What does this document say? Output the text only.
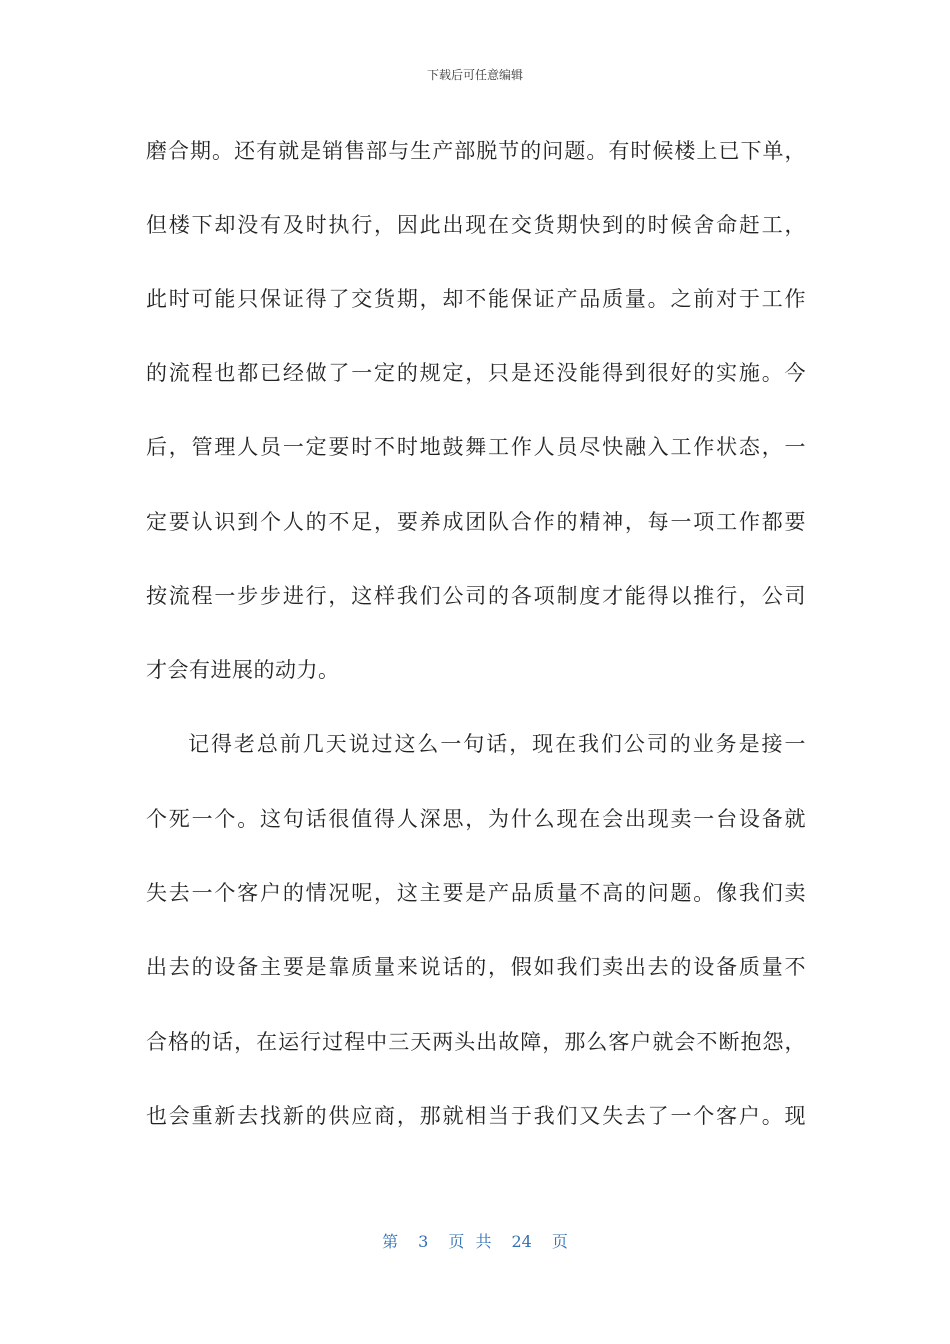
下载后可任意编辑
磨合期。还有就是销售部与生产部脱节的问题。有时候楼上已下单，
但楼下却没有及时执行，因此出现在交货期快到的时候舍命赶工，
此时可能只保证得了交货期，却不能保证产品质量。之前对于工作
的流程也都已经做了一定的规定，只是还没能得到很好的实施。今
后，管理人员一定要时不时地鼓舞工作人员尽快融入工作状态，一
定要认识到个人的不足，要养成团队合作的精神，每一项工作都要
按流程一步步进行，这样我们公司的各项制度才能得以推行，公司
才会有进展的动力。
记得老总前几天说过这么一句话，现在我们公司的业务是接一
个死一个。这句话很值得人深思，为什么现在会出现卖一台设备就
失去一个客户的情况呢，这主要是产品质量不高的问题。像我们卖
出去的设备主要是靠质量来说话的，假如我们卖出去的设备质量不
合格的话，在运行过程中三天两头出故障，那么客户就会不断抱怨，
也会重新去找新的供应商，那就相当于我们又失去了一个客户。现
第 3 页 共 24 页
